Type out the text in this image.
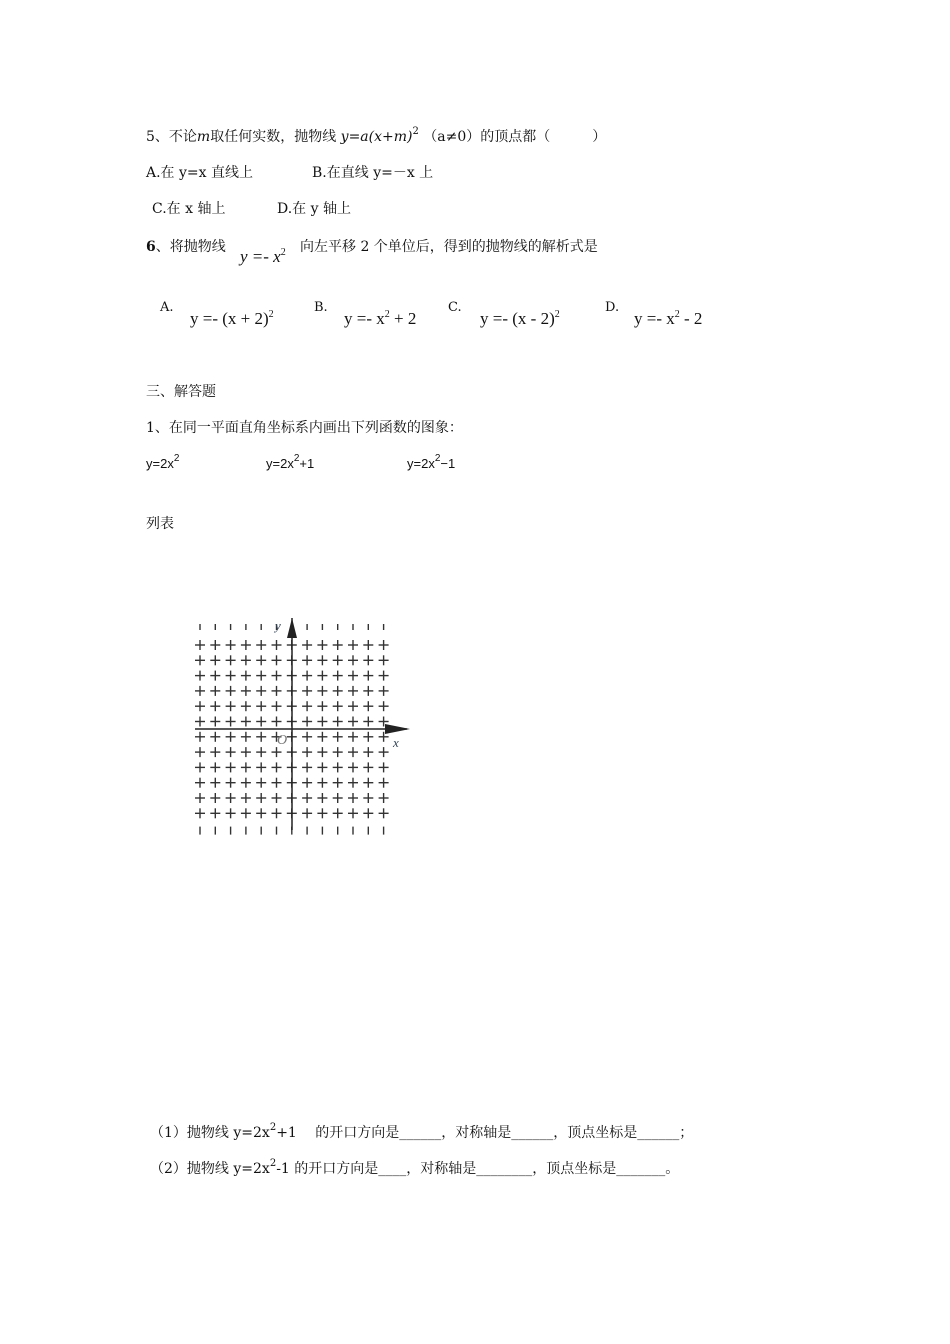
5、不论m取任何实数，抛物线 $y=a(x+m)^2$ （a≠0）的顶点都（	）
A.在 y=x 直线上	B.在直线 y=－x 上
C.在 x 轴上	D.在 y 轴上
6、将抛物线 $y =- x^2$ 向左平移 2 个单位后，得到的抛物线的解析式是
A.
$y =- (x + 2)^2$	B.
$y =- x^2 + 2$
C.
y =- (x - 2)$^2$	D.
$y =- x^2 - 2$
三、解答题
1、在同一平面直角坐标系内画出下列函数的图象：
$y=2x^2$	$y=2x^2+1$	$y=2x^2-1$
列表
y
x
O
（1）抛物线 $y=2x^2+1$　 的开口方向是______，对称轴是______，顶点坐标是______；
（2）抛物线 $y=2x^2-1$ 的开口方向是____，对称轴是________，顶点坐标是_______。
